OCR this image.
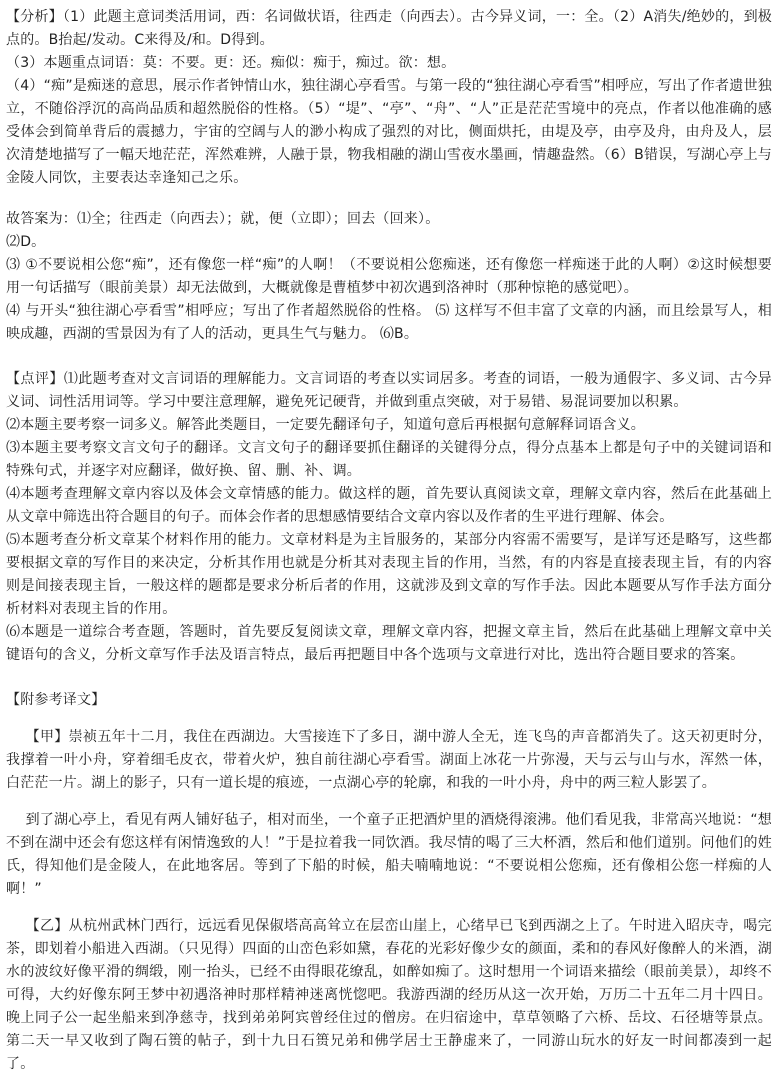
【分析】（1）此题主意词类活用词，西：名词做状语，往西走（向西去）。古今异义词，一：全。（2）A消失/绝妙的，到极点的。B抬起/发动。C来得及/和。D得到。

（3）本题重点词语：莫：不要。更：还。痴似：痴于，痴过。欲：想。

（4）“痴”是痴迷的意思，展示作者钟情山水，独往湖心亭看雪。与第一段的“独往湖心亭看雪”相呼应，写出了作者遗世独立，不随俗浮沉的高尚品质和超然脱俗的性格。（5）“堤”、“亭”、“舟”、“人”正是茫茫雪境中的亮点，作者以他准确的感受体会到简单背后的震撼力，宇宙的空阔与人的渺小构成了强烈的对比，侧面烘托，由堤及亭，由亭及舟，由舟及人，层次清楚地描写了一幅天地茫茫，浑然难辨，人融于景，物我相融的湖山雪夜水墨画，情趣盎然。（6）B错误，写湖心亭上与金陵人同饮，主要表达幸逢知己之乐。

故答案为：⑴全；往西走（向西去）；就，便（立即）；回去（回来）。

⑵D。

⑶ ①不要说相公您“痴”，还有像您一样“痴”的人啊！（不要说相公您痴迷，还有像您一样痴迷于此的人啊）②这时候想要用一句话描写（眼前美景）却无法做到，大概就像是曹植梦中初次遇到洛神时（那种惊艳的感觉吧）。

⑷ 与开头“独往湖心亭看雪”相呼应；写出了作者超然脱俗的性格。 ⑸ 这样写不但丰富了文章的内涵，而且绘景写人，相映成趣，西湖的雪景因为有了人的活动，更具生气与魅力。 ⑹B。

【点评】⑴此题考查对文言词语的理解能力。文言词语的考查以实词居多。考查的词语，一般为通假字、多义词、古今异义词、词性活用词等。学习中要注意理解，避免死记硬背，并做到重点突破，对于易错、易混词要加以积累。

⑵本题主要考察一词多义。解答此类题目，一定要先翻译句子，知道句意后再根据句意解释词语含义。

⑶本题主要考察文言文句子的翻译。文言文句子的翻译要抓住翻译的关键得分点，得分点基本上都是句子中的关键词语和特殊句式，并逐字对应翻译，做好换、留、删、补、调。

⑷本题考查理解文章内容以及体会文章情感的能力。做这样的题，首先要认真阅读文章，理解文章内容，然后在此基础上从文章中筛选出符合题目的句子。而体会作者的思想感情要结合文章内容以及作者的生平进行理解、体会。

⑸本题考查分析文章某个材料作用的能力。文章材料是为主旨服务的，某部分内容需不需要写，是详写还是略写，这些都要根据文章的写作目的来决定，分析其作用也就是分析其对表现主旨的作用，当然，有的内容是直接表现主旨，有的内容则是间接表现主旨，一般这样的题都是要求分析后者的作用，这就涉及到文章的写作手法。因此本题要从写作手法方面分析材料对表现主旨的作用。

⑹本题是一道综合考查题，答题时，首先要反复阅读文章，理解文章内容，把握文章主旨，然后在此基础上理解文章中关键语句的含义，分析文章写作手法及语言特点，最后再把题目中各个选项与文章进行对比，选出符合题目要求的答案。

【附参考译文】

【甲】崇祯五年十二月，我住在西湖边。大雪接连下了多日，湖中游人全无，连飞鸟的声音都消失了。这天初更时分，我撑着一叶小舟，穿着细毛皮衣，带着火炉，独自前往湖心亭看雪。湖面上冰花一片弥漫，天与云与山与水，浑然一体，白茫茫一片。湖上的影子，只有一道长堤的痕迹，一点湖心亭的轮廓，和我的一叶小舟，舟中的两三粒人影罢了。

到了湖心亭上，看见有两人铺好毡子，相对而坐，一个童子正把酒炉里的酒烧得滚沸。他们看见我，非常高兴地说：“想不到在湖中还会有您这样有闲情逸致的人！”于是拉着我一同饮酒。我尽情的喝了三大杯酒，然后和他们道别。问他们的姓氏，得知他们是金陵人，在此地客居。等到了下船的时候，船夫喃喃地说：“不要说相公您痴，还有像相公您一样痴的人啊！”

【乙】从杭州武林门西行，远远看见保俶塔高高耸立在层峦山崖上，心绪早已飞到西湖之上了。午时进入昭庆寺，喝完茶，即划着小船进入西湖。（只见得）四面的山峦色彩如黛，春花的光彩好像少女的颜面，柔和的春风好像醉人的米酒，湖水的波纹好像平滑的绸缎，刚一抬头，已经不由得眼花缭乱，如醉如痴了。这时想用一个词语来描绘（眼前美景），却终不可得，大约好像东阿王梦中初遇洛神时那样精神迷离恍惚吧。我游西湖的经历从这一次开始，万历二十五年二月十四日。晚上同子公一起坐船来到净慈寺，找到弟弟阿宾曾经住过的僧房。在归宿途中，草草领略了六桥、岳坟、石径塘等景点。第二天一早又收到了陶石篑的帖子，到十九日石篑兄弟和佛学居士王静虚来了，一同游山玩水的好友一时间都凑到一起了。
